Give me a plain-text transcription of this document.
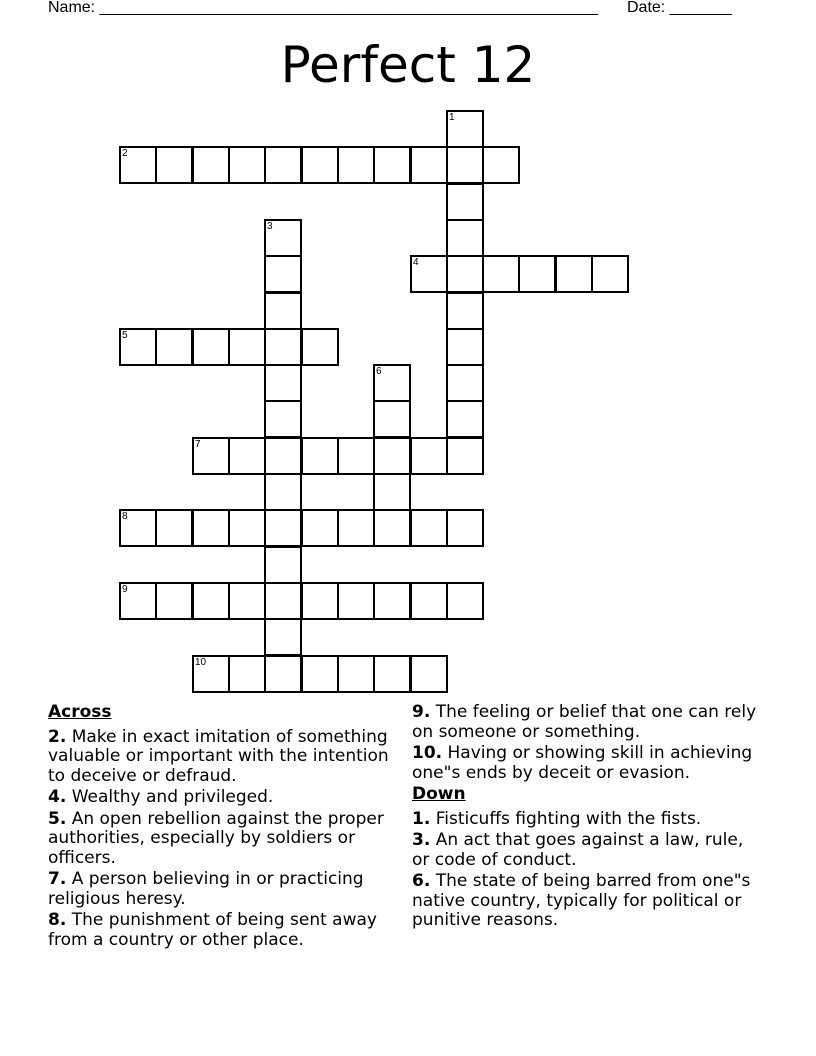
Name: ________________________________________________________ Date: _______
Perfect 12
1
2
3
4
5
6
7
8
9
10
Across
2. Make in exact imitation of something valuable or important with the intention to deceive or defraud.
4. Wealthy and privileged.
5. An open rebellion against the proper authorities, especially by soldiers or officers.
7. A person believing in or practicing religious heresy.
8. The punishment of being sent away from a country or other place.
9. The feeling or belief that one can rely on someone or something.
10. Having or showing skill in achieving one"s ends by deceit or evasion.
Down
1. Fisticuffs fighting with the fists.
3. An act that goes against a law, rule, or code of conduct.
6. The state of being barred from one"s native country, typically for political or punitive reasons.
